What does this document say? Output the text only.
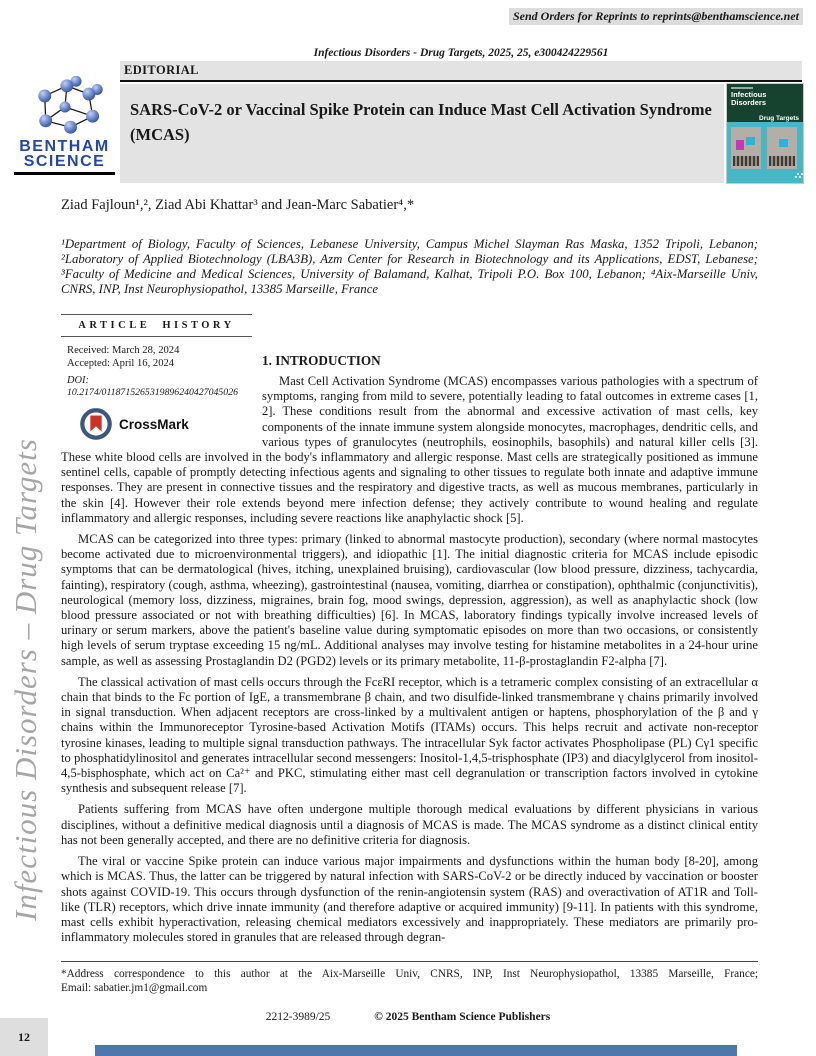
Send Orders for Reprints to reprints@benthamscience.net
Infectious Disorders - Drug Targets, 2025, 25, e300424229561
EDITORIAL
BENTHAM
SCIENCE
SARS-CoV-2 or Vaccinal Spike Protein can Induce Mast Cell Activation Syndrome (MCAS)
Infectious Disorders
Drug Targets
Ziad Fajloun¹,², Ziad Abi Khattar³ and Jean-Marc Sabatier⁴,*
¹Department of Biology, Faculty of Sciences, Lebanese University, Campus Michel Slayman Ras Maska, 1352 Tripoli, Lebanon; ²Laboratory of Applied Biotechnology (LBA3B), Azm Center for Research in Biotechnology and its Applications, EDST, Lebanese; ³Faculty of Medicine and Medical Sciences, University of Balamand, Kalhat, Tripoli P.O. Box 100, Lebanon; ⁴Aix-Marseille Univ, CNRS, INP, Inst Neurophysiopathol, 13385 Marseille, France
ARTICLE HISTORY
Received: March 28, 2024
Accepted: April 16, 2024
DOI:
10.2174/0118715265319896240427045026
CrossMark
1. INTRODUCTION

Mast Cell Activation Syndrome (MCAS) encompasses various pathologies with a spectrum of symptoms, ranging from mild to severe, potentially leading to fatal outcomes in extreme cases [1, 2]. These conditions result from the abnormal and excessive activation of mast cells, key components of the innate immune system alongside monocytes, macrophages, dendritic cells, and various types of granulocytes (neutrophils, eosinophils, basophils) and natural killer cells [3]. These white blood cells are involved in the body's inflammatory and allergic response. Mast cells are strategically positioned as immune sentinel cells, capable of promptly detecting infectious agents and signaling to other tissues to regulate both innate and adaptive immune responses. They are present in connective tissues and the respiratory and digestive tracts, as well as mucous membranes, particularly in the skin [4]. However their role extends beyond mere infection defense; they actively contribute to wound healing and regulate inflammatory and allergic responses, including severe reactions like anaphylactic shock [5].

MCAS can be categorized into three types: primary (linked to abnormal mastocyte production), secondary (where normal mastocytes become activated due to microenvironmental triggers), and idiopathic [1]. The initial diagnostic criteria for MCAS include episodic symptoms that can be dermatological (hives, itching, unexplained bruising), cardiovascular (low blood pressure, dizziness, tachycardia, fainting), respiratory (cough, asthma, wheezing), gastrointestinal (nausea, vomiting, diarrhea or constipation), ophthalmic (conjunctivitis), neurological (memory loss, dizziness, migraines, brain fog, mood swings, depression, aggression), as well as anaphylactic shock (low blood pressure associated or not with breathing difficulties) [6]. In MCAS, laboratory findings typically involve increased levels of urinary or serum markers, above the patient's baseline value during symptomatic episodes on more than two occasions, or consistently high levels of serum tryptase exceeding 15 ng/mL. Additional analyses may involve testing for histamine metabolites in a 24-hour urine sample, as well as assessing Prostaglandin D2 (PGD2) levels or its primary metabolite, 11-β-prostaglandin F2-alpha [7].

The classical activation of mast cells occurs through the FcεRI receptor, which is a tetrameric complex consisting of an extracellular α chain that binds to the Fc portion of IgE, a transmembrane β chain, and two disulfide-linked transmembrane γ chains primarily involved in signal transduction. When adjacent receptors are cross-linked by a multivalent antigen or haptens, phosphorylation of the β and γ chains within the Immunoreceptor Tyrosine-based Activation Motifs (ITAMs) occurs. This helps recruit and activate non-receptor tyrosine kinases, leading to multiple signal transduction pathways. The intracellular Syk factor activates Phospholipase (PL) Cγ1 specific to phosphatidylinositol and generates intracellular second messengers: Inositol-1,4,5-trisphosphate (IP3) and diacylglycerol from inositol-4,5-bisphosphate, which act on Ca²⁺ and PKC, stimulating either mast cell degranulation or transcription factors involved in cytokine synthesis and subsequent release [7].

Patients suffering from MCAS have often undergone multiple thorough medical evaluations by different physicians in various disciplines, without a definitive medical diagnosis until a diagnosis of MCAS is made. The MCAS syndrome as a distinct clinical entity has not been generally accepted, and there are no definitive criteria for diagnosis.

The viral or vaccine Spike protein can induce various major impairments and dysfunctions within the human body [8-20], among which is MCAS. Thus, the latter can be triggered by natural infection with SARS-CoV-2 or be directly induced by vaccination or booster shots against COVID-19. This occurs through dysfunction of the renin-angiotensin system (RAS) and overactivation of AT1R and Toll-like (TLR) receptors, which drive innate immunity (and therefore adaptive or acquired immunity) [9-11]. In patients with this syndrome, mast cells exhibit hyperactivation, releasing chemical mediators excessively and inappropriately. These mediators are primarily pro-inflammatory molecules stored in granules that are released through degran-

*Address correspondence to this author at the Aix-Marseille Univ, CNRS, INP, Inst Neurophysiopathol, 13385 Marseille, France;
Email: sabatier.jm1@gmail.com
2212-3989/25	© 2025 Bentham Science Publishers
12
Infectious Disorders – Drug Targets
